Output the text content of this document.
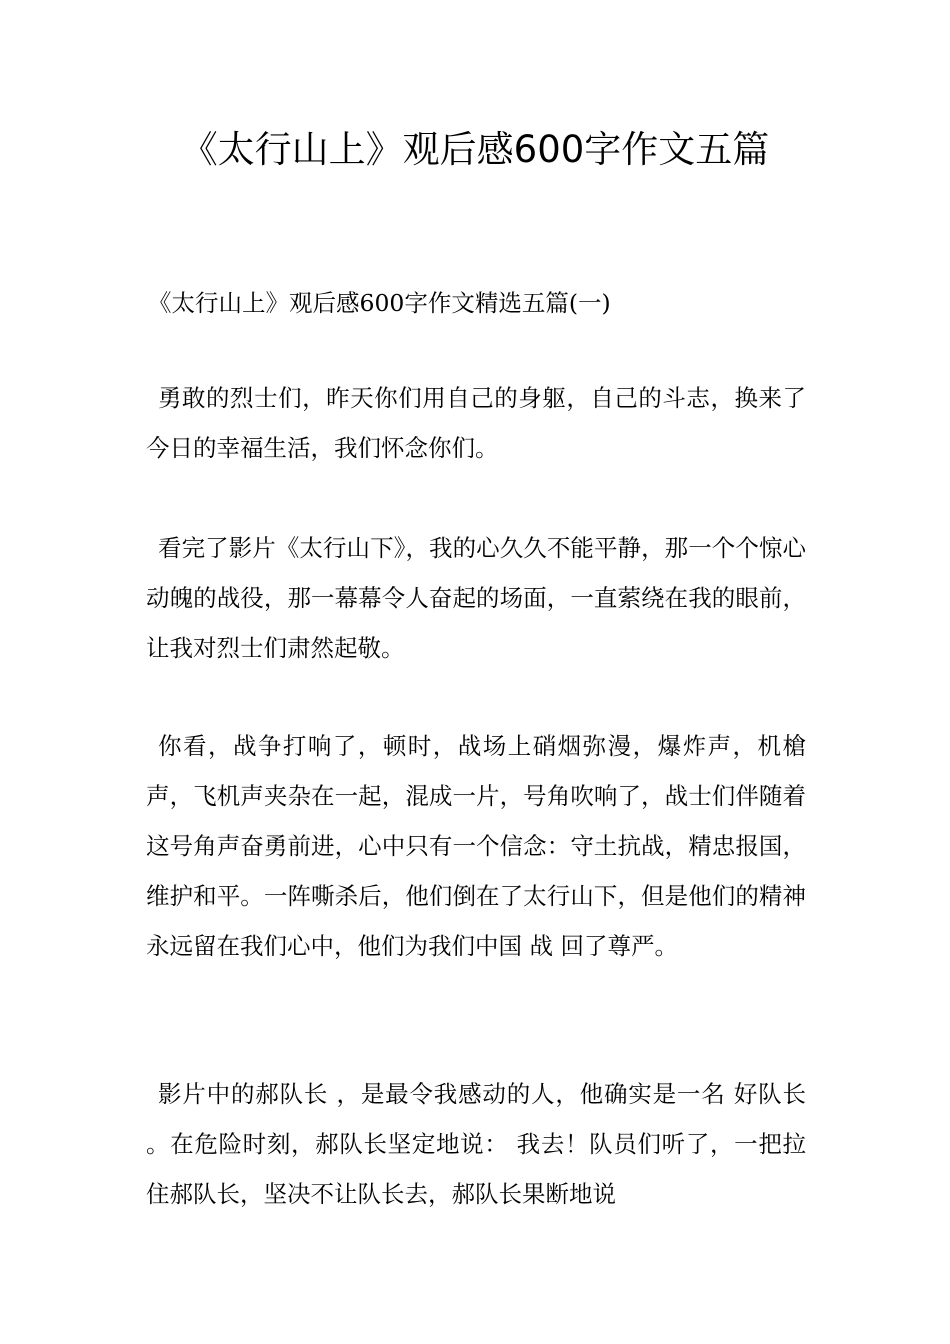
《太行山上》观后感600字作文五篇

《太行山上》观后感600字作文精选五篇(一)

勇敢的烈士们，昨天你们用自己的身躯，自己的斗志，换来了今日的幸福生活，我们怀念你们。

看完了影片《太行山下》，我的心久久不能平静，那一个个惊心动魄的战役，那一幕幕令人奋起的场面，一直萦绕在我的眼前，让我对烈士们肃然起敬。

你看，战争打响了，顿时，战场上硝烟弥漫，爆炸声，机槍声，飞机声夹杂在一起，混成一片，号角吹响了，战士们伴随着这号角声奋勇前进，心中只有一个信念：守土抗战，精忠报国，维护和平。一阵嘶杀后，他们倒在了太行山下，但是他们的精神永远留在我们心中，他们为我们中国 战 回了尊严。

影片中的郝队长 ，是最令我感动的人，他确实是一名 好队长 。在危险时刻，郝队长坚定地说： 我去！队员们听了，一把拉住郝队长，坚决不让队长去，郝队长果断地说
